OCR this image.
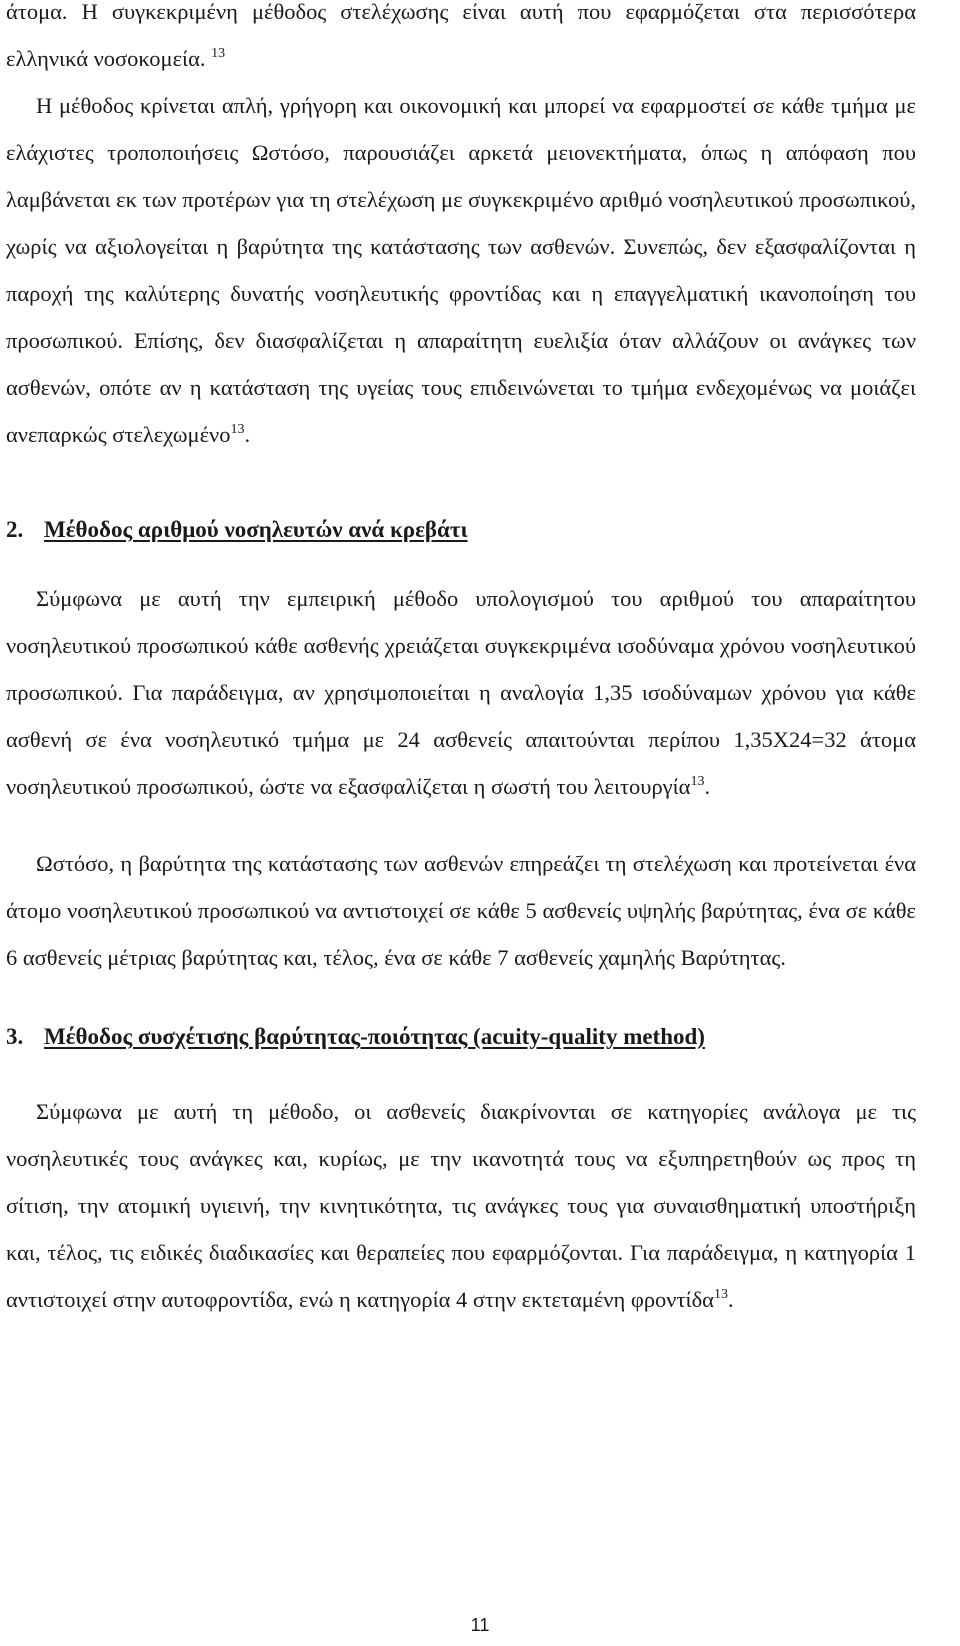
άτομα. Η συγκεκριμένη μέθοδος στελέχωσης είναι αυτή που εφαρμόζεται στα περισσότερα ελληνικά νοσοκομεία. $^{13}$

Η μέθοδος κρίνεται απλή, γρήγορη και οικονομική και μπορεί να εφαρμοστεί σε κάθε τμήμα με ελάχιστες τροποποιήσεις Ωστόσο, παρουσιάζει αρκετά μειονεκτήματα, όπως η απόφαση που λαμβάνεται εκ των προτέρων για τη στελέχωση με συγκεκριμένο αριθμό νοσηλευτικού προσωπικού, χωρίς να αξιολογείται η βαρύτητα της κατάστασης των ασθενών. Συνεπώς, δεν εξασφαλίζονται η παροχή της καλύτερης δυνατής νοσηλευτικής φροντίδας και η επαγγελματική ικανοποίηση του προσωπικού. Επίσης, δεν διασφαλίζεται η απαραίτητη ευελιξία όταν αλλάζουν οι ανάγκες των ασθενών, οπότε αν η κατάσταση της υγείας τους επιδεινώνεται το τμήμα ενδεχομένως να μοιάζει ανεπαρκώς στελεχωμένο$^{13}$.

2. Μέθοδος αριθμού νοσηλευτών ανά κρεβάτι

Σύμφωνα με αυτή την εμπειρική μέθοδο υπολογισμού του αριθμού του απαραίτητου νοσηλευτικού προσωπικού κάθε ασθενής χρειάζεται συγκεκριμένα ισοδύναμα χρόνου νοσηλευτικού προσωπικού. Για παράδειγμα, αν χρησιμοποιείται η αναλογία 1,35 ισοδύναμων χρόνου για κάθε ασθενή σε ένα νοσηλευτικό τμήμα με 24 ασθενείς απαιτούνται περίπου 1,35Χ24=32 άτομα νοσηλευτικού προσωπικού, ώστε να εξασφαλίζεται η σωστή του λειτουργία$^{13}$.

Ωστόσο, η βαρύτητα της κατάστασης των ασθενών επηρεάζει τη στελέχωση και προτείνεται ένα άτομο νοσηλευτικού προσωπικού να αντιστοιχεί σε κάθε 5 ασθενείς υψηλής βαρύτητας, ένα σε κάθε 6 ασθενείς μέτριας βαρύτητας και, τέλος, ένα σε κάθε 7 ασθενείς χαμηλής Βαρύτητας.

3. Μέθοδος συσχέτισης βαρύτητας-ποιότητας (acuity-quality method)

Σύμφωνα με αυτή τη μέθοδο, οι ασθενείς διακρίνονται σε κατηγορίες ανάλογα με τις νοσηλευτικές τους ανάγκες και, κυρίως, με την ικανοτητά τους να εξυπηρετηθούν ως προς τη σίτιση, την ατομική υγιεινή, την κινητικότητα, τις ανάγκες τους για συναισθηματική υποστήριξη και, τέλος, τις ειδικές διαδικασίες και θεραπείες που εφαρμόζονται. Για παράδειγμα, η κατηγορία 1 αντιστοιχεί στην αυτοφροντίδα, ενώ η κατηγορία 4 στην εκτεταμένη φροντίδα$^{13}$.

11
